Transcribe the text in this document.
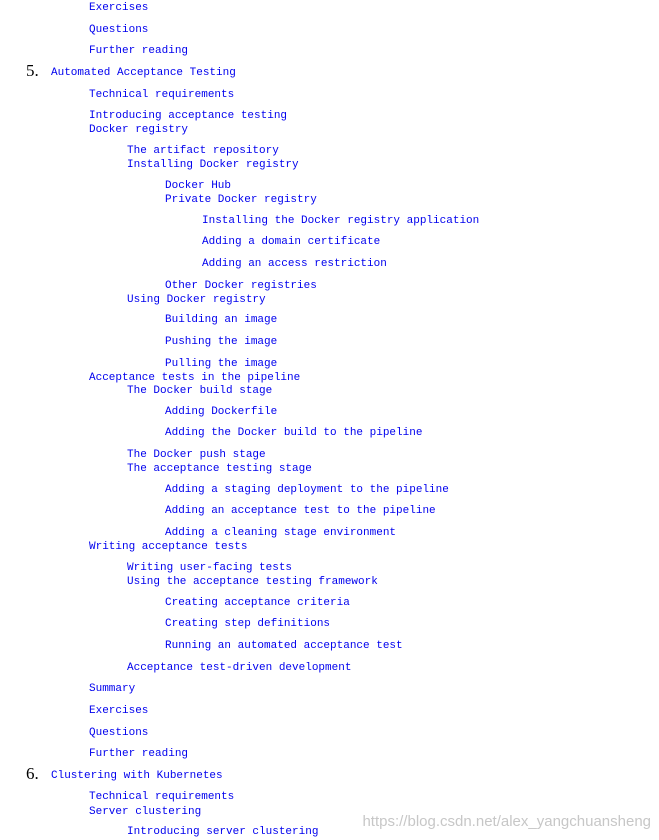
Exercises
Questions
Further reading
5. Automated Acceptance Testing
Technical requirements
Introducing acceptance testing
Docker registry
The artifact repository
Installing Docker registry
Docker Hub
Private Docker registry
Installing the Docker registry application
Adding a domain certificate
Adding an access restriction
Other Docker registries
Using Docker registry
Building an image
Pushing the image
Pulling the image
Acceptance tests in the pipeline
The Docker build stage
Adding Dockerfile
Adding the Docker build to the pipeline
The Docker push stage
The acceptance testing stage
Adding a staging deployment to the pipeline
Adding an acceptance test to the pipeline
Adding a cleaning stage environment
Writing acceptance tests
Writing user-facing tests
Using the acceptance testing framework
Creating acceptance criteria
Creating step definitions
Running an automated acceptance test
Acceptance test-driven development
Summary
Exercises
Questions
Further reading
6. Clustering with Kubernetes
Technical requirements
Server clustering
Introducing server clustering
https://blog.csdn.net/alex_yangchuansheng
